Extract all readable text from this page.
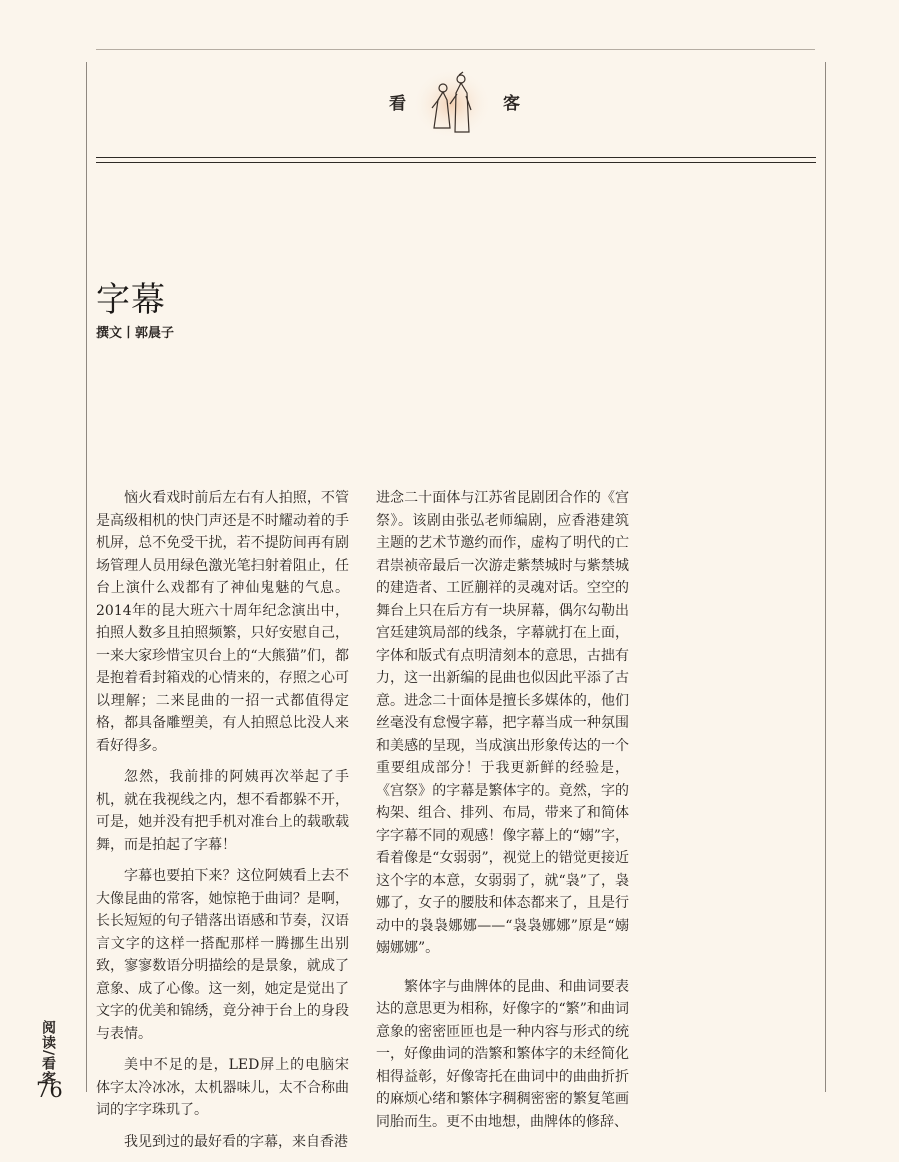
看	客
字幕
撰文丨郭晨子

恼火看戏时前后左右有人拍照，不管是高级相机的快门声还是不时耀动着的手机屏，总不免受干扰，若不提防间再有剧场管理人员用绿色激光笔扫射着阻止，任台上演什么戏都有了神仙鬼魅的气息。2014年的昆大班六十周年纪念演出中，拍照人数多且拍照频繁，只好安慰自己，一来大家珍惜宝贝台上的“大熊猫”们，都是抱着看封箱戏的心情来的，存照之心可以理解；二来昆曲的一招一式都值得定格，都具备雕塑美，有人拍照总比没人来看好得多。

忽然，我前排的阿姨再次举起了手机，就在我视线之内，想不看都躲不开，可是，她并没有把手机对准台上的载歌载舞，而是拍起了字幕！

字幕也要拍下来？这位阿姨看上去不大像昆曲的常客，她惊艳于曲词？是啊，长长短短的句子错落出语感和节奏，汉语言文字的这样一搭配那样一腾挪生出别致，寥寥数语分明描绘的是景象，就成了意象、成了心像。这一刻，她定是觉出了文字的优美和锦绣，竟分神于台上的身段与表情。

美中不足的是，LED屏上的电脑宋体字太冷冰冰，太机器味儿，太不合称曲词的字字珠玑了。

我见到过的最好看的字幕，来自香港

进念二十面体与江苏省昆剧团合作的《宫祭》。该剧由张弘老师编剧，应香港建筑主题的艺术节邀约而作，虚构了明代的亡君崇祯帝最后一次游走紫禁城时与紫禁城的建造者、工匠蒯祥的灵魂对话。空空的舞台上只在后方有一块屏幕，偶尔勾勒出宫廷建筑局部的线条，字幕就打在上面，字体和版式有点明清刻本的意思，古拙有力，这一出新编的昆曲也似因此平添了古意。进念二十面体是擅长多媒体的，他们丝毫没有怠慢字幕，把字幕当成一种氛围和美感的呈现，当成演出形象传达的一个重要组成部分！于我更新鲜的经验是，《宫祭》的字幕是繁体字的。竟然，字的构架、组合、排列、布局，带来了和简体字字幕不同的观感！像字幕上的“嫋”字，看着像是“女弱弱”，视觉上的错觉更接近这个字的本意，女弱弱了，就“袅”了，袅娜了，女子的腰肢和体态都来了，且是行动中的袅袅娜娜——“袅袅娜娜”原是“嫋嫋娜娜”。

繁体字与曲牌体的昆曲、和曲词要表达的意思更为相称，好像字的“繁”和曲词意象的密密匝匝也是一种内容与形式的统一，好像曲词的浩繁和繁体字的未经简化相得益彰，好像寄托在曲词中的曲曲折折的麻烦心绪和繁体字稠稠密密的繁复笔画同胎而生。更不由地想，曲牌体的修辞、

阅读/看客
76
